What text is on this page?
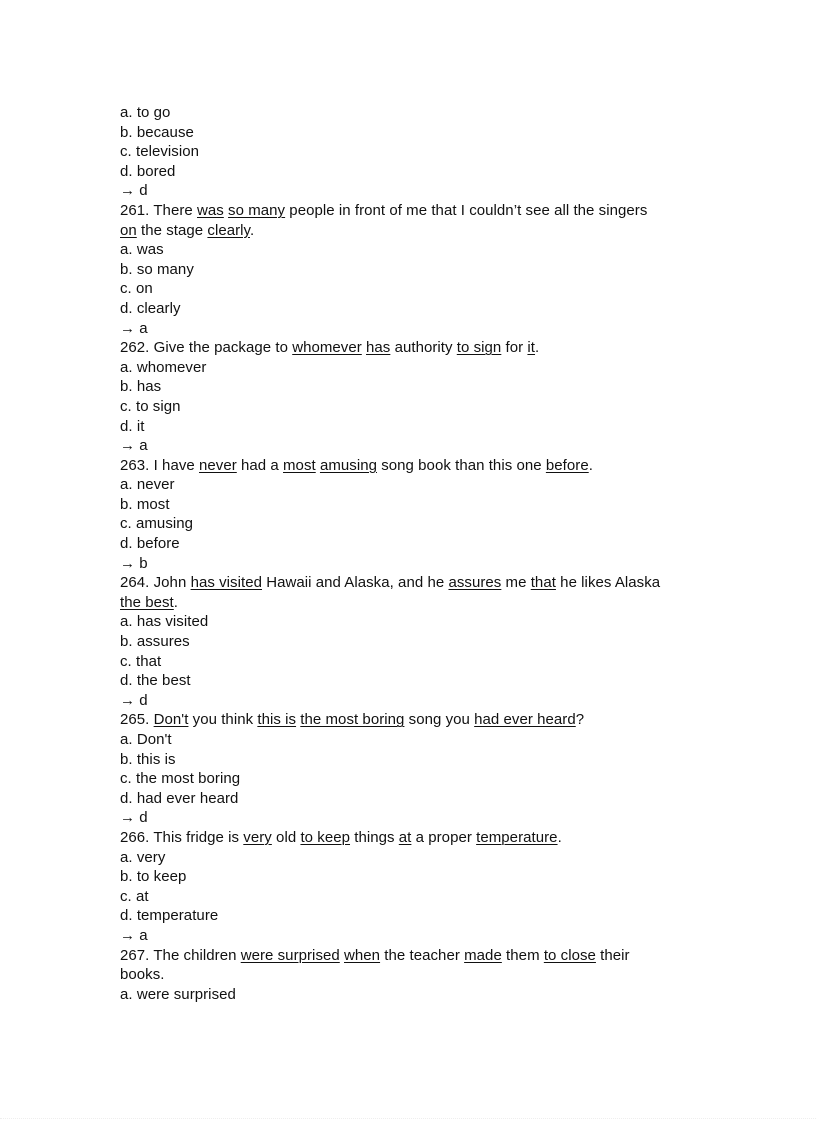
a. to go
b. because
c. television
d. bored
→ d
261. There was so many people in front of me that I couldn’t see all the singers
on the stage clearly.
a. was
b. so many
c. on
d. clearly
→ a
262. Give the package to whomever has authority to sign for it.
a. whomever
b. has
c. to sign
d. it
→ a
263. I have never had a most amusing song book than this one before.
a. never
b. most
c. amusing
d. before
→ b
264. John has visited Hawaii and Alaska, and he assures me that he likes Alaska
the best.
a. has visited
b. assures
c. that
d. the best
→ d
265. Don't you think this is the most boring song you had ever heard?
a. Don't
b. this is
c. the most boring
d. had ever heard
→ d
266. This fridge is very old to keep things at a proper temperature.
a. very
b. to keep
c. at
d. temperature
→ a
267. The children were surprised when the teacher made them to close their
books.
a. were surprised
